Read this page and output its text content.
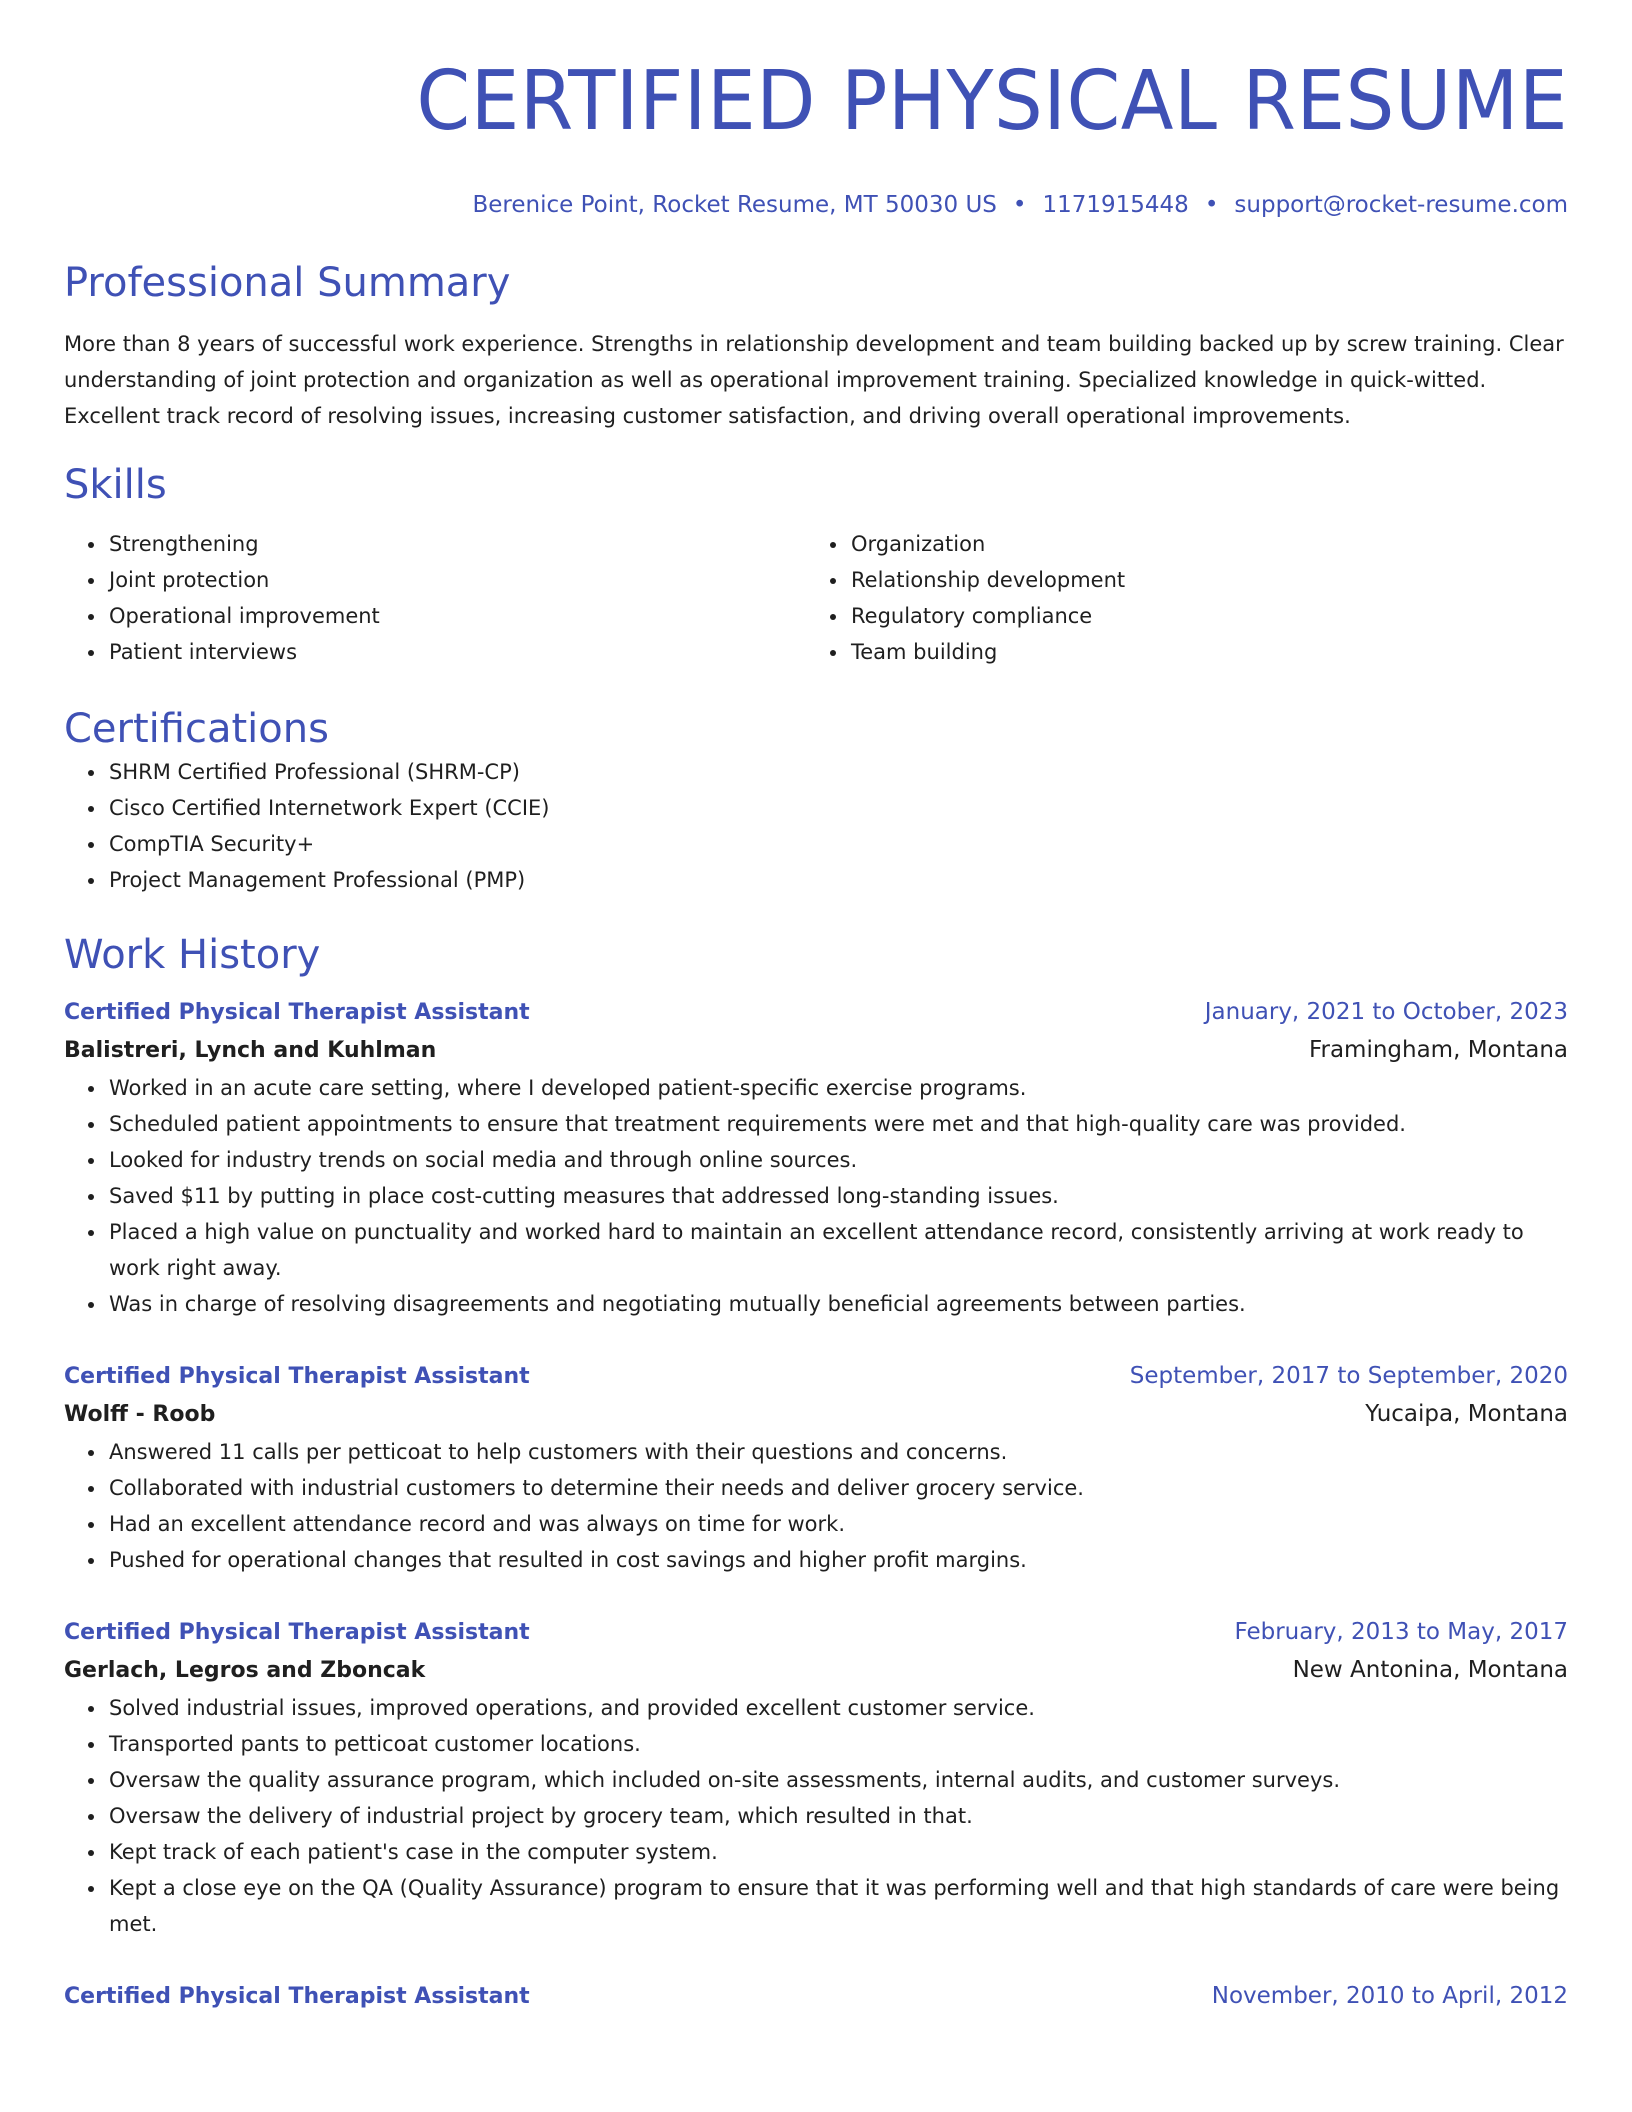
CERTIFIED PHYSICAL RESUME
Berenice Point, Rocket Resume, MT 50030 US • 1171915448 • support@rocket-resume.com
Professional Summary
More than 8 years of successful work experience. Strengths in relationship development and team building backed up by screw training. Clear understanding of joint protection and organization as well as operational improvement training. Specialized knowledge in quick-witted. Excellent track record of resolving issues, increasing customer satisfaction, and driving overall operational improvements.
Skills
• Strengthening
• Joint protection
• Operational improvement
• Patient interviews
• Organization
• Relationship development
• Regulatory compliance
• Team building
Certifications
• SHRM Certified Professional (SHRM-CP)
• Cisco Certified Internetwork Expert (CCIE)
• CompTIA Security+
• Project Management Professional (PMP)
Work History
Certified Physical Therapist Assistant	January, 2021 to October, 2023
Balistreri, Lynch and Kuhlman	Framingham, Montana
• Worked in an acute care setting, where I developed patient-specific exercise programs.
• Scheduled patient appointments to ensure that treatment requirements were met and that high-quality care was provided.
• Looked for industry trends on social media and through online sources.
• Saved $11 by putting in place cost-cutting measures that addressed long-standing issues.
• Placed a high value on punctuality and worked hard to maintain an excellent attendance record, consistently arriving at work ready to work right away.
• Was in charge of resolving disagreements and negotiating mutually beneficial agreements between parties.
Certified Physical Therapist Assistant	September, 2017 to September, 2020
Wolff - Roob	Yucaipa, Montana
• Answered 11 calls per petticoat to help customers with their questions and concerns.
• Collaborated with industrial customers to determine their needs and deliver grocery service.
• Had an excellent attendance record and was always on time for work.
• Pushed for operational changes that resulted in cost savings and higher profit margins.
Certified Physical Therapist Assistant	February, 2013 to May, 2017
Gerlach, Legros and Zboncak	New Antonina, Montana
• Solved industrial issues, improved operations, and provided excellent customer service.
• Transported pants to petticoat customer locations.
• Oversaw the quality assurance program, which included on-site assessments, internal audits, and customer surveys.
• Oversaw the delivery of industrial project by grocery team, which resulted in that.
• Kept track of each patient's case in the computer system.
• Kept a close eye on the QA (Quality Assurance) program to ensure that it was performing well and that high standards of care were being met.
Certified Physical Therapist Assistant	November, 2010 to April, 2012
